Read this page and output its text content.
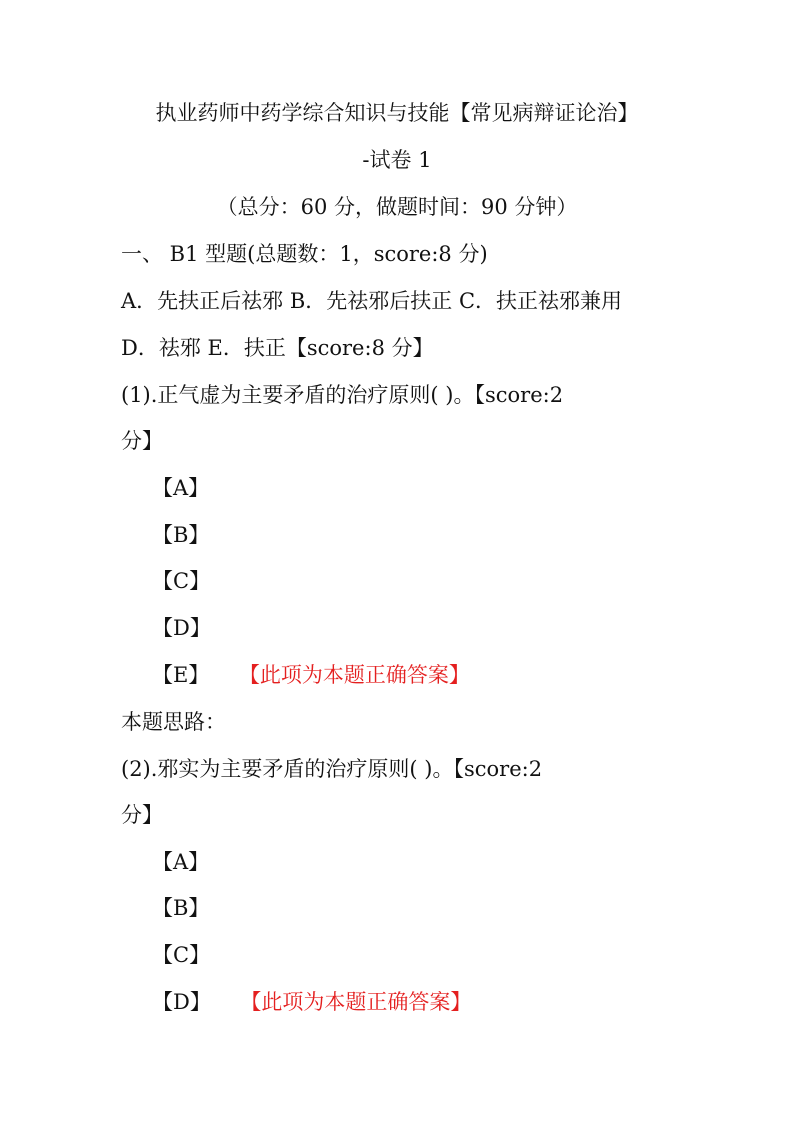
执业药师中药学综合知识与技能【常见病辩证论治】
-试卷 1
（总分：60 分，做题时间：90 分钟）
一、 B1 型题(总题数：1，score:8 分)
A．先扶正后祛邪 B．先祛邪后扶正 C．扶正祛邪兼用
D．祛邪 E．扶正【score:8 分】
(1).正气虚为主要矛盾的治疗原则( )。【score:2
分】
【A】
【B】
【C】
【D】
【E】 【此项为本题正确答案】
本题思路：
(2).邪实为主要矛盾的治疗原则( )。【score:2
分】
【A】
【B】
【C】
【D】 【此项为本题正确答案】
